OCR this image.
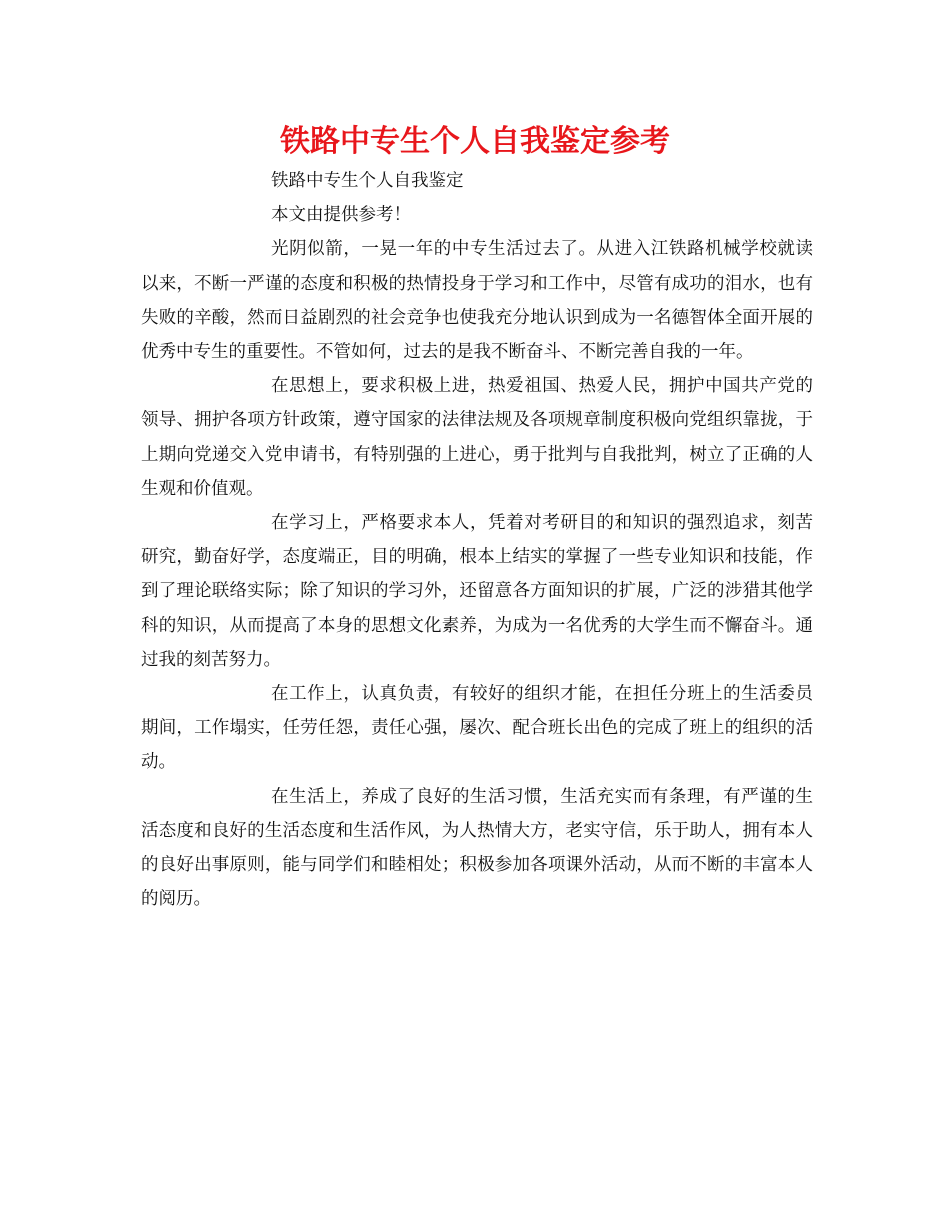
铁路中专生个人自我鉴定参考

铁路中专生个人自我鉴定

本文由提供参考！

光阴似箭，一晃一年的中专生活过去了。从进入江铁路机械学校就读以来，不断一严谨的态度和积极的热情投身于学习和工作中，尽管有成功的泪水，也有失败的辛酸，然而日益剧烈的社会竞争也使我充分地认识到成为一名德智体全面开展的优秀中专生的重要性。不管如何，过去的是我不断奋斗、不断完善自我的一年。

在思想上，要求积极上进，热爱祖国、热爱人民，拥护中国共产党的领导、拥护各项方针政策，遵守国家的法律法规及各项规章制度积极向党组织靠拢，于上期向党递交入党申请书，有特别强的上进心，勇于批判与自我批判，树立了正确的人生观和价值观。

在学习上，严格要求本人，凭着对考研目的和知识的强烈追求，刻苦研究，勤奋好学，态度端正，目的明确，根本上结实的掌握了一些专业知识和技能，作到了理论联络实际；除了知识的学习外，还留意各方面知识的扩展，广泛的涉猎其他学科的知识，从而提高了本身的思想文化素养，为成为一名优秀的大学生而不懈奋斗。通过我的刻苦努力。

在工作上，认真负责，有较好的组织才能，在担任分班上的生活委员期间，工作塌实，任劳任怨，责任心强，屡次、配合班长出色的完成了班上的组织的活动。

在生活上，养成了良好的生活习惯，生活充实而有条理，有严谨的生活态度和良好的生活态度和生活作风，为人热情大方，老实守信，乐于助人，拥有本人的良好出事原则，能与同学们和睦相处；积极参加各项课外活动，从而不断的丰富本人的阅历。
